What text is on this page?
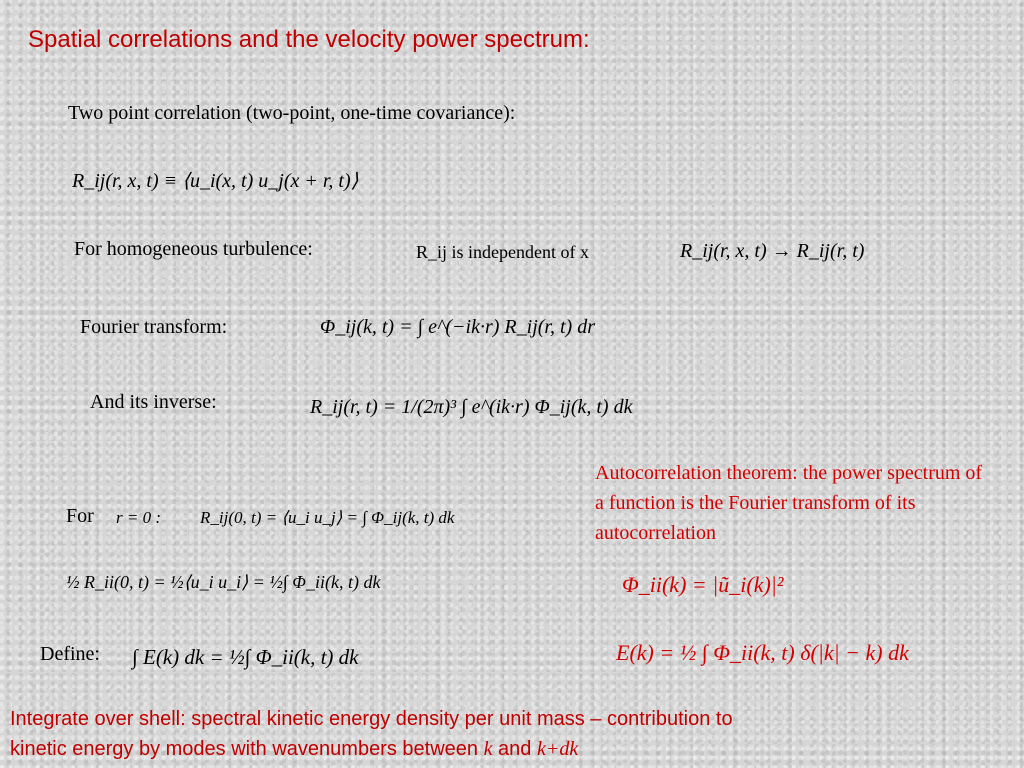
Spatial correlations and the velocity power spectrum:
Two point correlation (two-point, one-time covariance):
R_ij(r, x, t) ≡ ⟨u_i(x, t) u_j(x + r, t)⟩
For homogeneous turbulence:	R_ij is independent of x	R_ij(r, x, t) → R_ij(r, t)
Fourier transform:	Φ_ij(k, t) = ∫ e^(−ik·r) R_ij(r, t) dr
And its inverse:	R_ij(r, t) = 1/(2π)³ ∫ e^(ik·r) Φ_ij(k, t) dk
Autocorrelation theorem: the power spectrum of a function is the Fourier transform of its autocorrelation
For r = 0 : R_ij(0, t) = ⟨u_i u_j⟩ = ∫ Φ_ij(k, t) dk
½ R_ii(0, t) = ½⟨u_i u_i⟩ = ½∫ Φ_ii(k, t) dk	Φ_ii(k) = |ũ_i(k)|²
Define: ∫ E(k) dk = ½∫ Φ_ii(k, t) dk	E(k) = ½ ∫ Φ_ii(k, t) δ(|k| − k) dk
Integrate over shell: spectral kinetic energy density per unit mass – contribution to
kinetic energy by modes with wavenumbers between k and k+dk
